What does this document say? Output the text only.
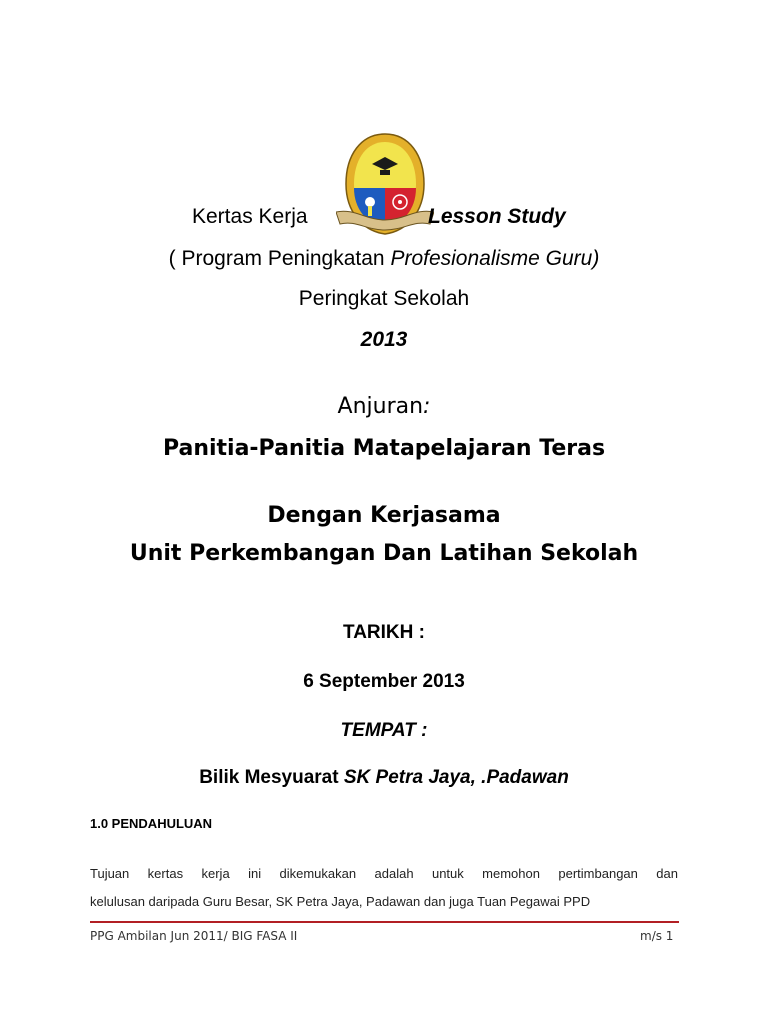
Kertas Kerja	Lesson Study
( Program Peningkatan Profesionalisme Guru)
Peringkat Sekolah
2013
Anjuran:
Panitia-Panitia Matapelajaran Teras
Dengan Kerjasama
Unit Perkembangan Dan Latihan Sekolah
TARIKH :
6 September 2013
TEMPAT :
Bilik Mesyuarat SK Petra Jaya, .Padawan
1.0 PENDAHULUAN
Tujuan kertas kerja ini dikemukakan adalah untuk memohon pertimbangan dan
kelulusan daripada Guru Besar, SK Petra Jaya, Padawan dan juga Tuan Pegawai PPD
PPG Ambilan Jun 2011/ BIG FASA II	m/s 1
